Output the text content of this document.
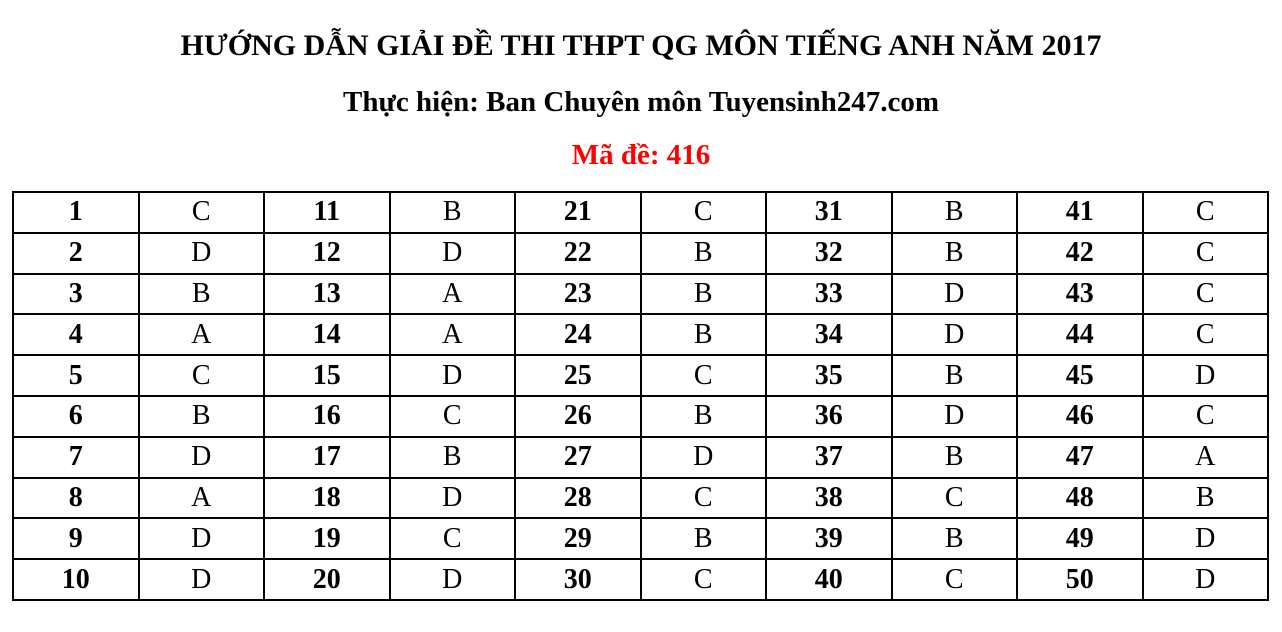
HƯỚNG DẪN GIẢI ĐỀ THI THPT QG MÔN TIẾNG ANH NĂM 2017
Thực hiện: Ban Chuyên môn Tuyensinh247.com
Mã đề: 416
1	C	11	B	21	C	31	B	41	C
2	D	12	D	22	B	32	B	42	C
3	B	13	A	23	B	33	D	43	C
4	A	14	A	24	B	34	D	44	C
5	C	15	D	25	C	35	B	45	D
6	B	16	C	26	B	36	D	46	C
7	D	17	B	27	D	37	B	47	A
8	A	18	D	28	C	38	C	48	B
9	D	19	C	29	B	39	B	49	D
10	D	20	D	30	C	40	C	50	D
